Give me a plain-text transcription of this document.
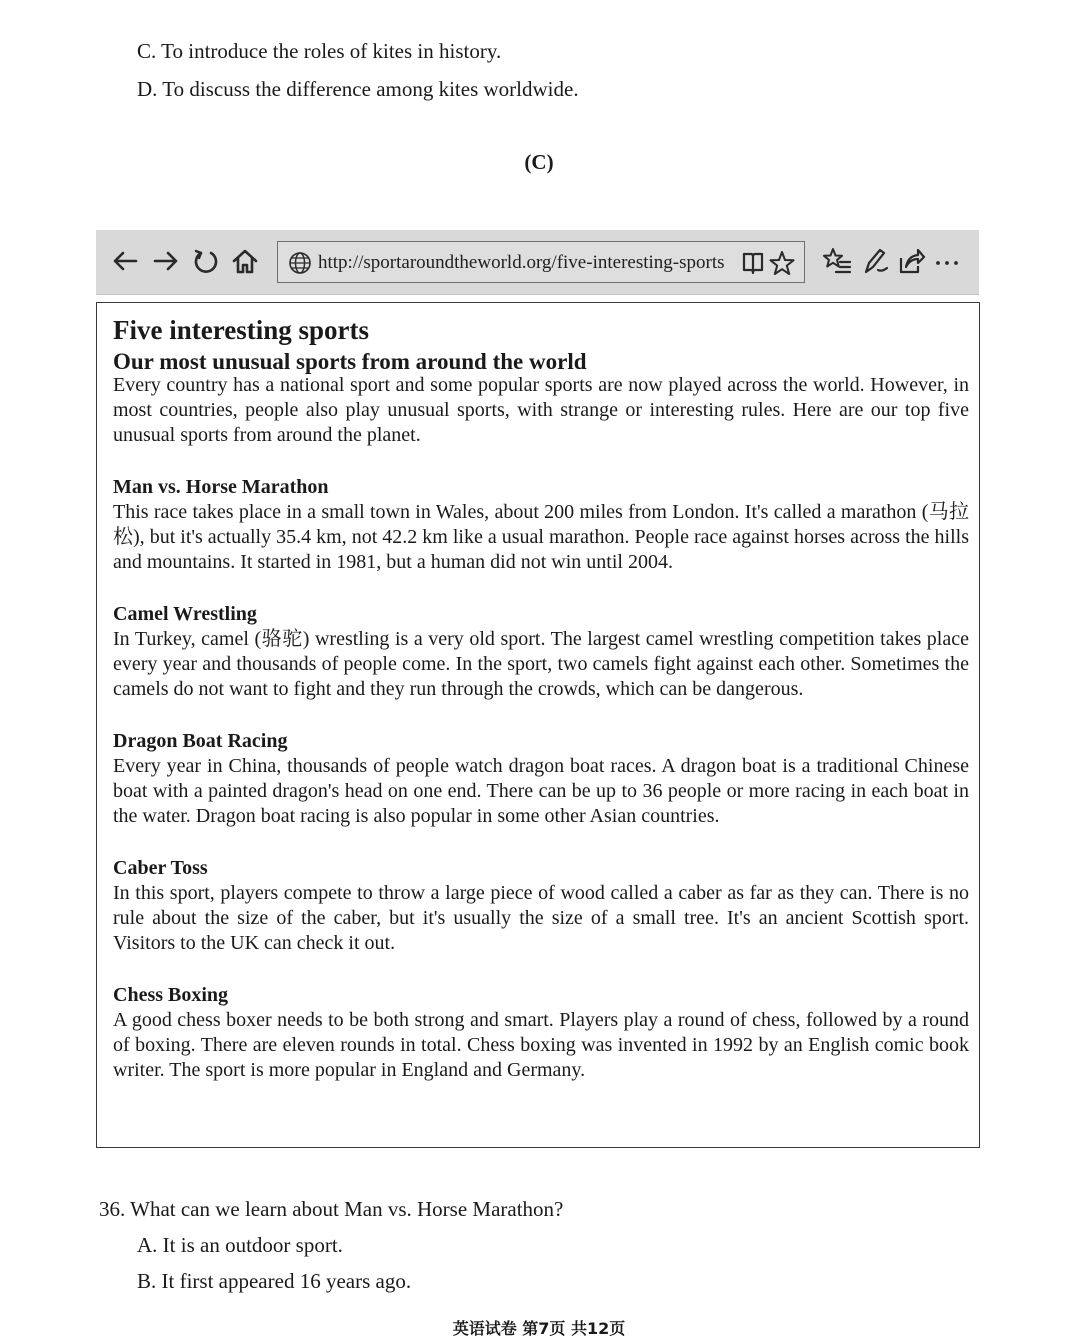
C. To introduce the roles of kites in history.
D. To discuss the difference among kites worldwide.
(C)
http://sportaroundtheworld.org/five-interesting-sports
Five interesting sports
Our most unusual sports from around the world

Every country has a national sport and some popular sports are now played across the world. However, in most countries, people also play unusual sports, with strange or interesting rules. Here are our top five unusual sports from around the planet.

Man vs. Horse Marathon

This race takes place in a small town in Wales, about 200 miles from London. It's called a marathon (马拉松), but it's actually 35.4 km, not 42.2 km like a usual marathon. People race against horses across the hills and mountains. It started in 1981, but a human did not win until 2004.

Camel Wrestling

In Turkey, camel (骆驼) wrestling is a very old sport. The largest camel wrestling competition takes place every year and thousands of people come. In the sport, two camels fight against each other. Sometimes the camels do not want to fight and they run through the crowds, which can be dangerous.

Dragon Boat Racing

Every year in China, thousands of people watch dragon boat races. A dragon boat is a traditional Chinese boat with a painted dragon's head on one end. There can be up to 36 people or more racing in each boat in the water. Dragon boat racing is also popular in some other Asian countries.

Caber Toss

In this sport, players compete to throw a large piece of wood called a caber as far as they can. There is no rule about the size of the caber, but it's usually the size of a small tree. It's an ancient Scottish sport. Visitors to the UK can check it out.

Chess Boxing

A good chess boxer needs to be both strong and smart. Players play a round of chess, followed by a round of boxing. There are eleven rounds in total. Chess boxing was invented in 1992 by an English comic book writer. The sport is more popular in England and Germany.

36. What can we learn about Man vs. Horse Marathon?
A. It is an outdoor sport.
B. It first appeared 16 years ago.
英语试卷 第7页 共12页
